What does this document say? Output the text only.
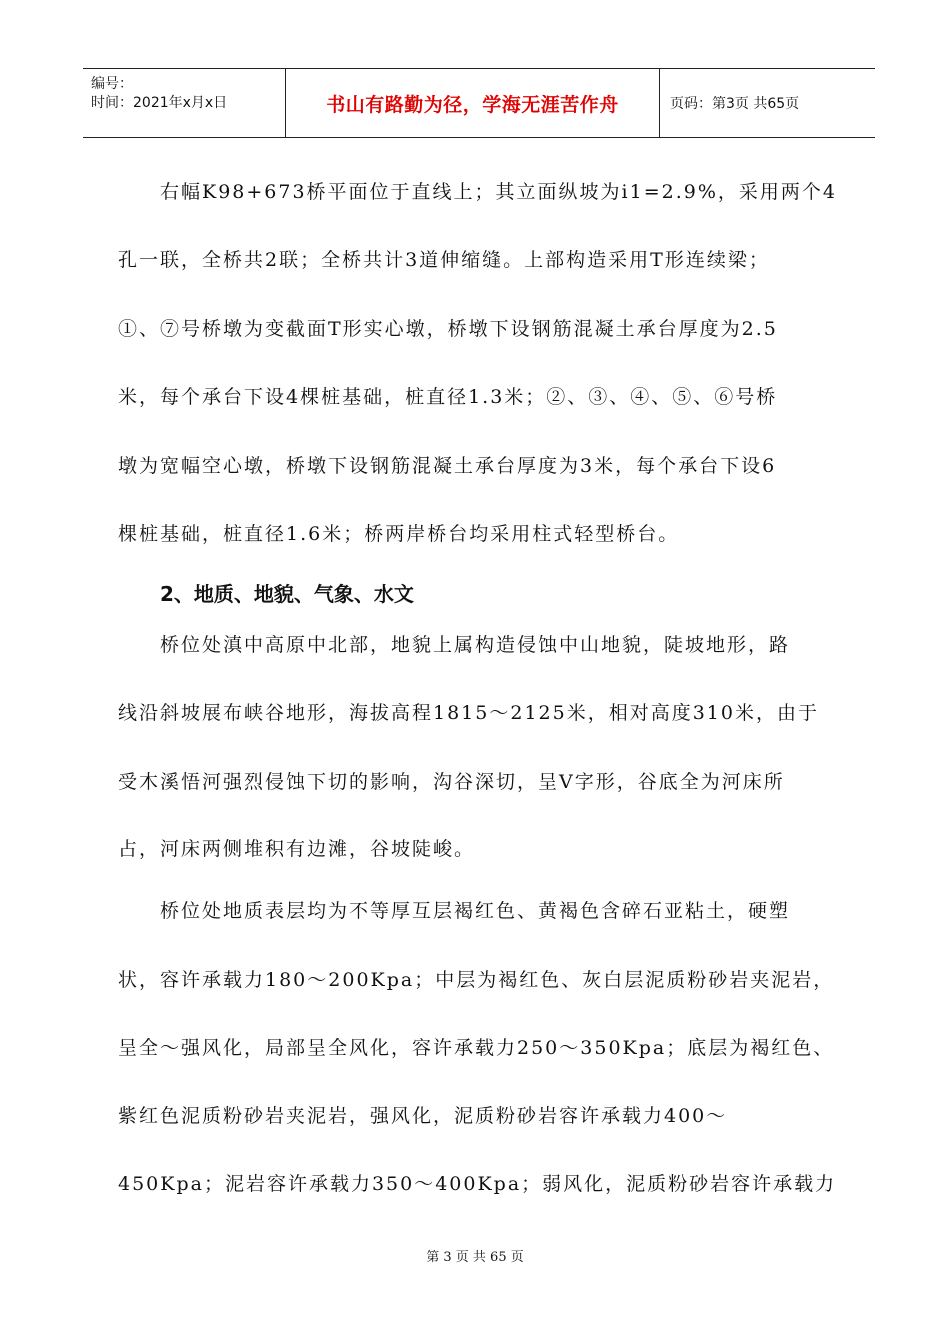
编号：
时间：2021年x月x日	书山有路勤为径，学海无涯苦作舟	页码：第3页 共65页
右幅K98+673桥平面位于直线上；其立面纵坡为i1=2.9%，采用两个4
孔一联，全桥共2联；全桥共计3道伸缩缝。上部构造采用T形连续梁；
①、⑦号桥墩为变截面T形实心墩，桥墩下设钢筋混凝土承台厚度为2.5
米，每个承台下设4棵桩基础，桩直径1.3米；②、③、④、⑤、⑥号桥
墩为宽幅空心墩，桥墩下设钢筋混凝土承台厚度为3米，每个承台下设6
棵桩基础，桩直径1.6米；桥两岸桥台均采用柱式轻型桥台。
2、地质、地貌、气象、水文
桥位处滇中高原中北部，地貌上属构造侵蚀中山地貌，陡坡地形，路
线沿斜坡展布峡谷地形，海拔高程1815～2125米，相对高度310米，由于
受木溪悟河强烈侵蚀下切的影响，沟谷深切，呈V字形，谷底全为河床所
占，河床两侧堆积有边滩，谷坡陡峻。
桥位处地质表层均为不等厚互层褐红色、黄褐色含碎石亚粘土，硬塑
状，容许承载力180～200Kpa；中层为褐红色、灰白层泥质粉砂岩夹泥岩，
呈全～强风化，局部呈全风化，容许承载力250～350Kpa；底层为褐红色、
紫红色泥质粉砂岩夹泥岩，强风化，泥质粉砂岩容许承载力400～
450Kpa；泥岩容许承载力350～400Kpa；弱风化，泥质粉砂岩容许承载力
第 3 页 共 65 页
